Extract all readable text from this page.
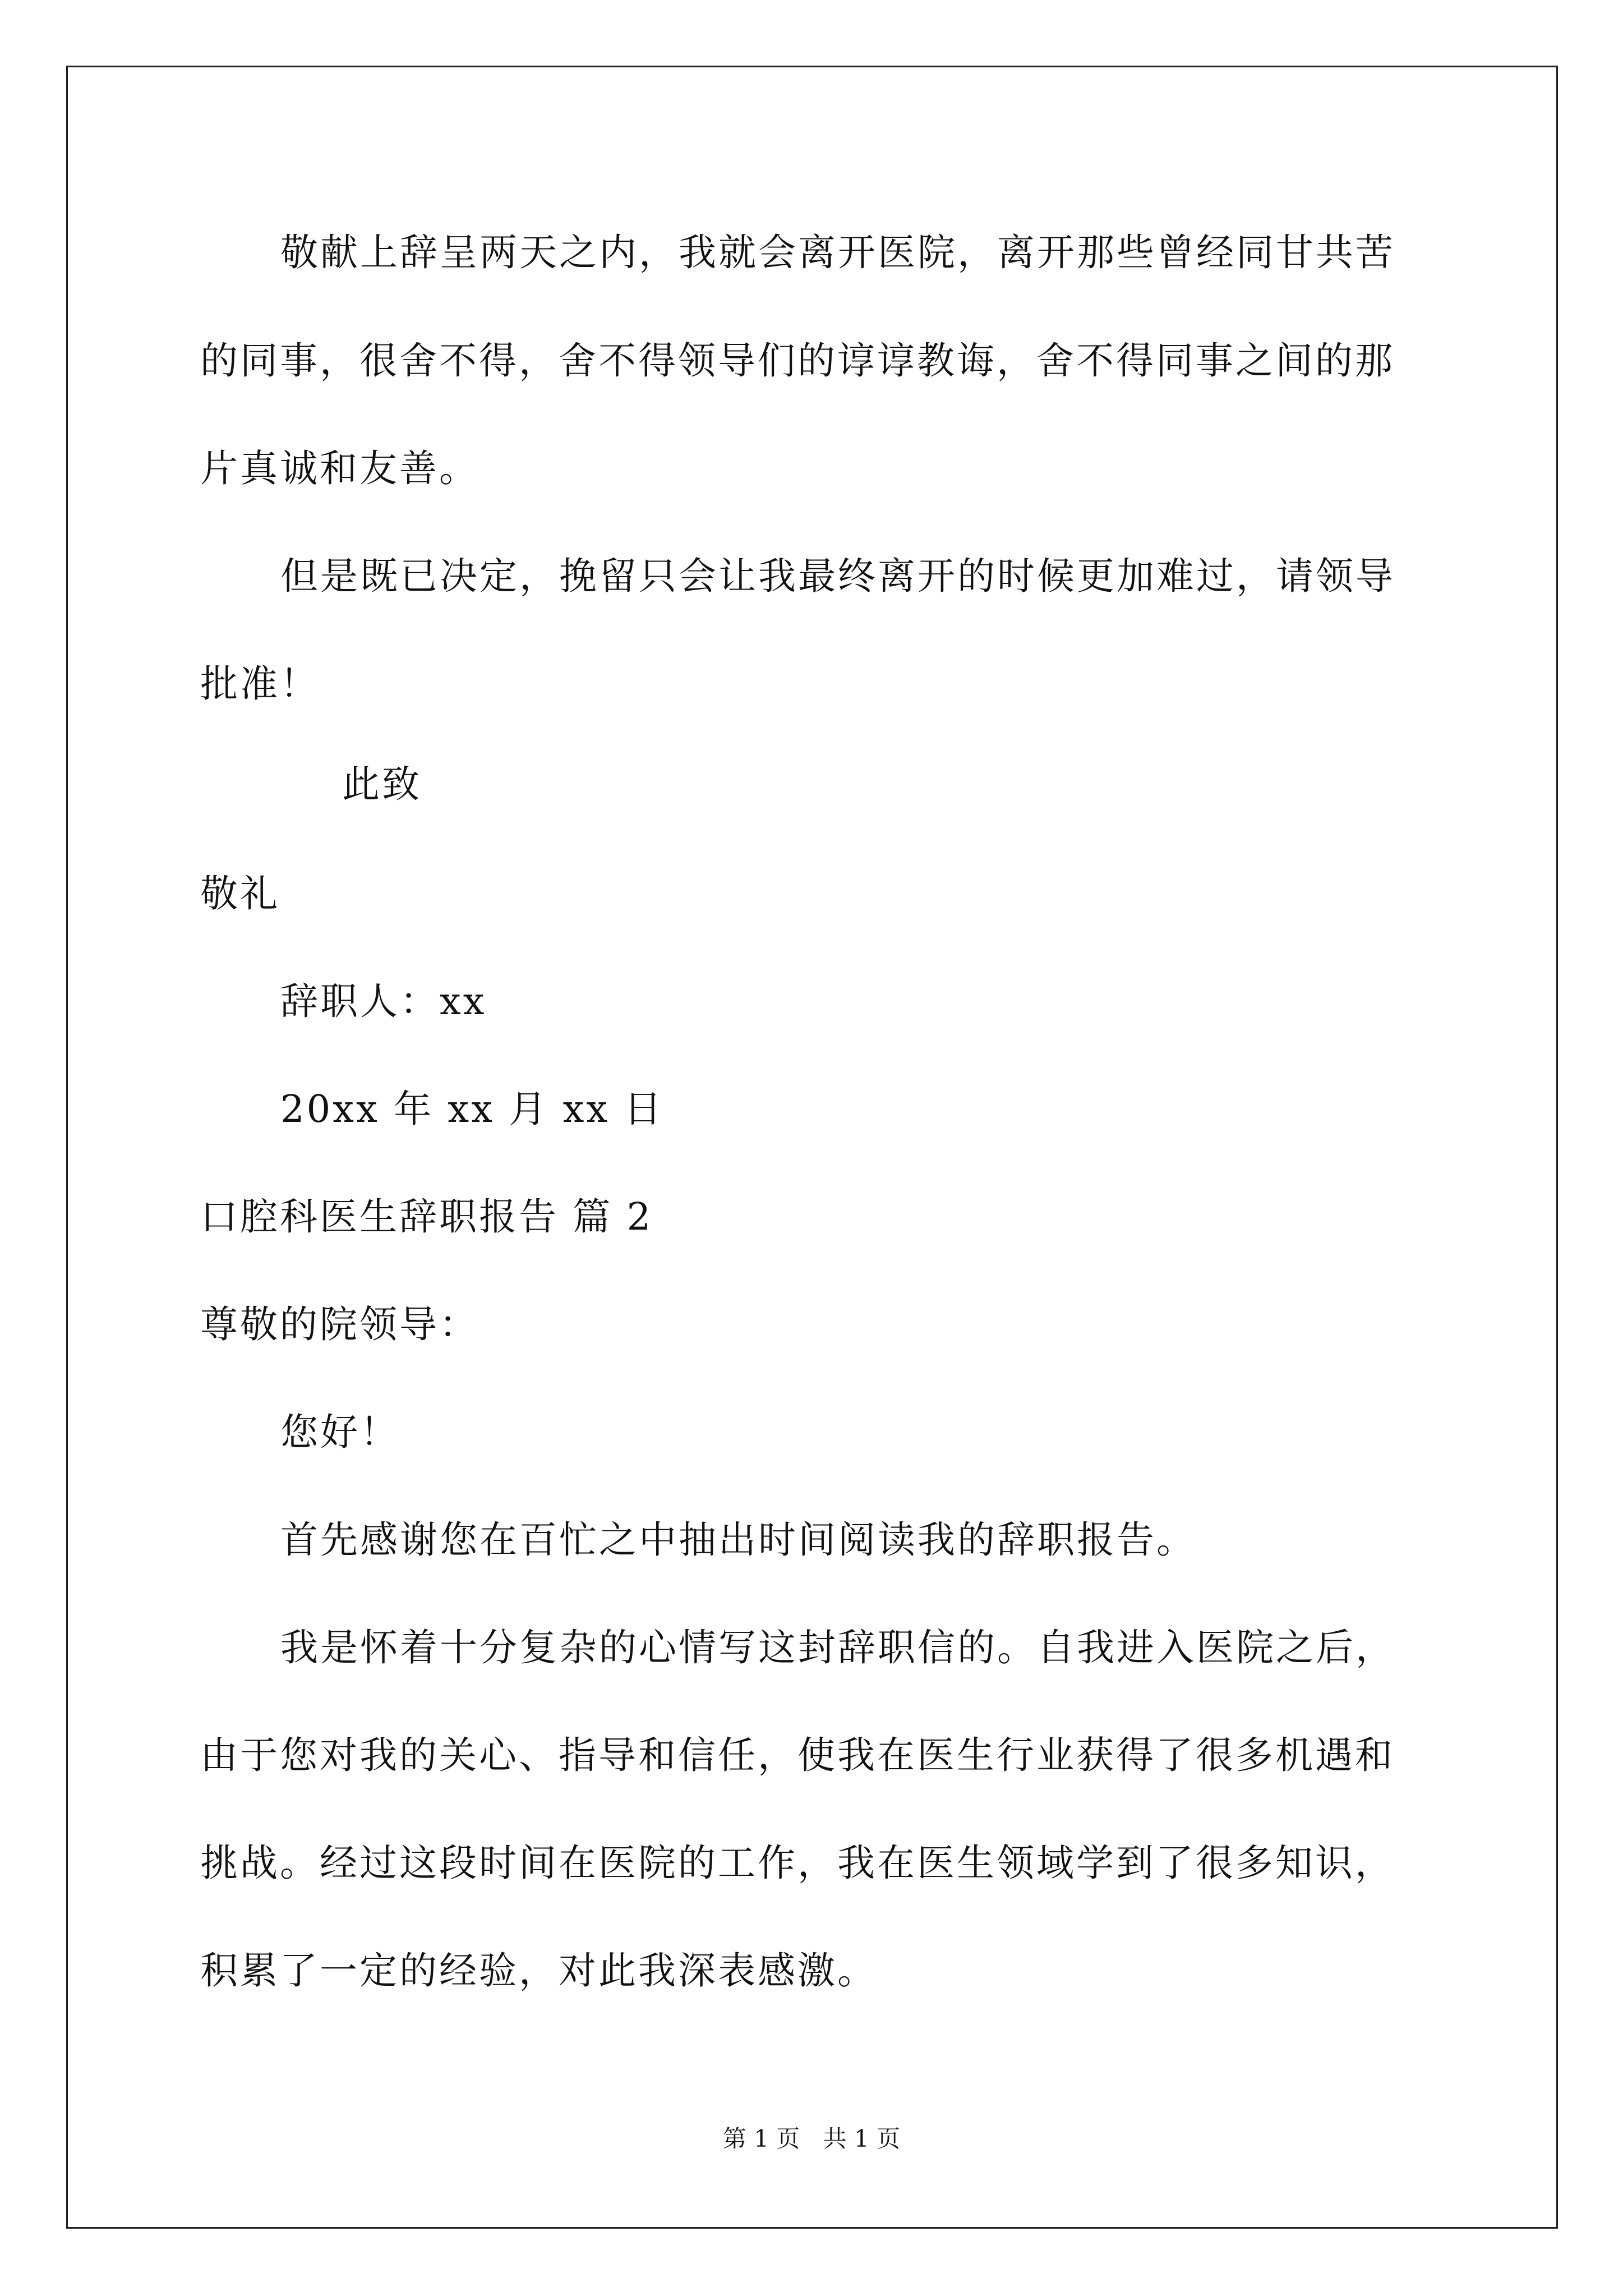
敬献上辞呈两天之内，我就会离开医院，离开那些曾经同甘共苦
的同事，很舍不得，舍不得领导们的谆谆教诲，舍不得同事之间的那
片真诚和友善。
但是既已决定，挽留只会让我最终离开的时候更加难过，请领导
批准！
此致
敬礼
辞职人：xx
20xx 年 xx 月 xx 日
口腔科医生辞职报告 篇 2
尊敬的院领导：
您好！
首先感谢您在百忙之中抽出时间阅读我的辞职报告。
我是怀着十分复杂的心情写这封辞职信的。自我进入医院之后，
由于您对我的关心、指导和信任，使我在医生行业获得了很多机遇和
挑战。经过这段时间在医院的工作，我在医生领域学到了很多知识，
积累了一定的经验，对此我深表感激。
第 1 页 共 1 页
